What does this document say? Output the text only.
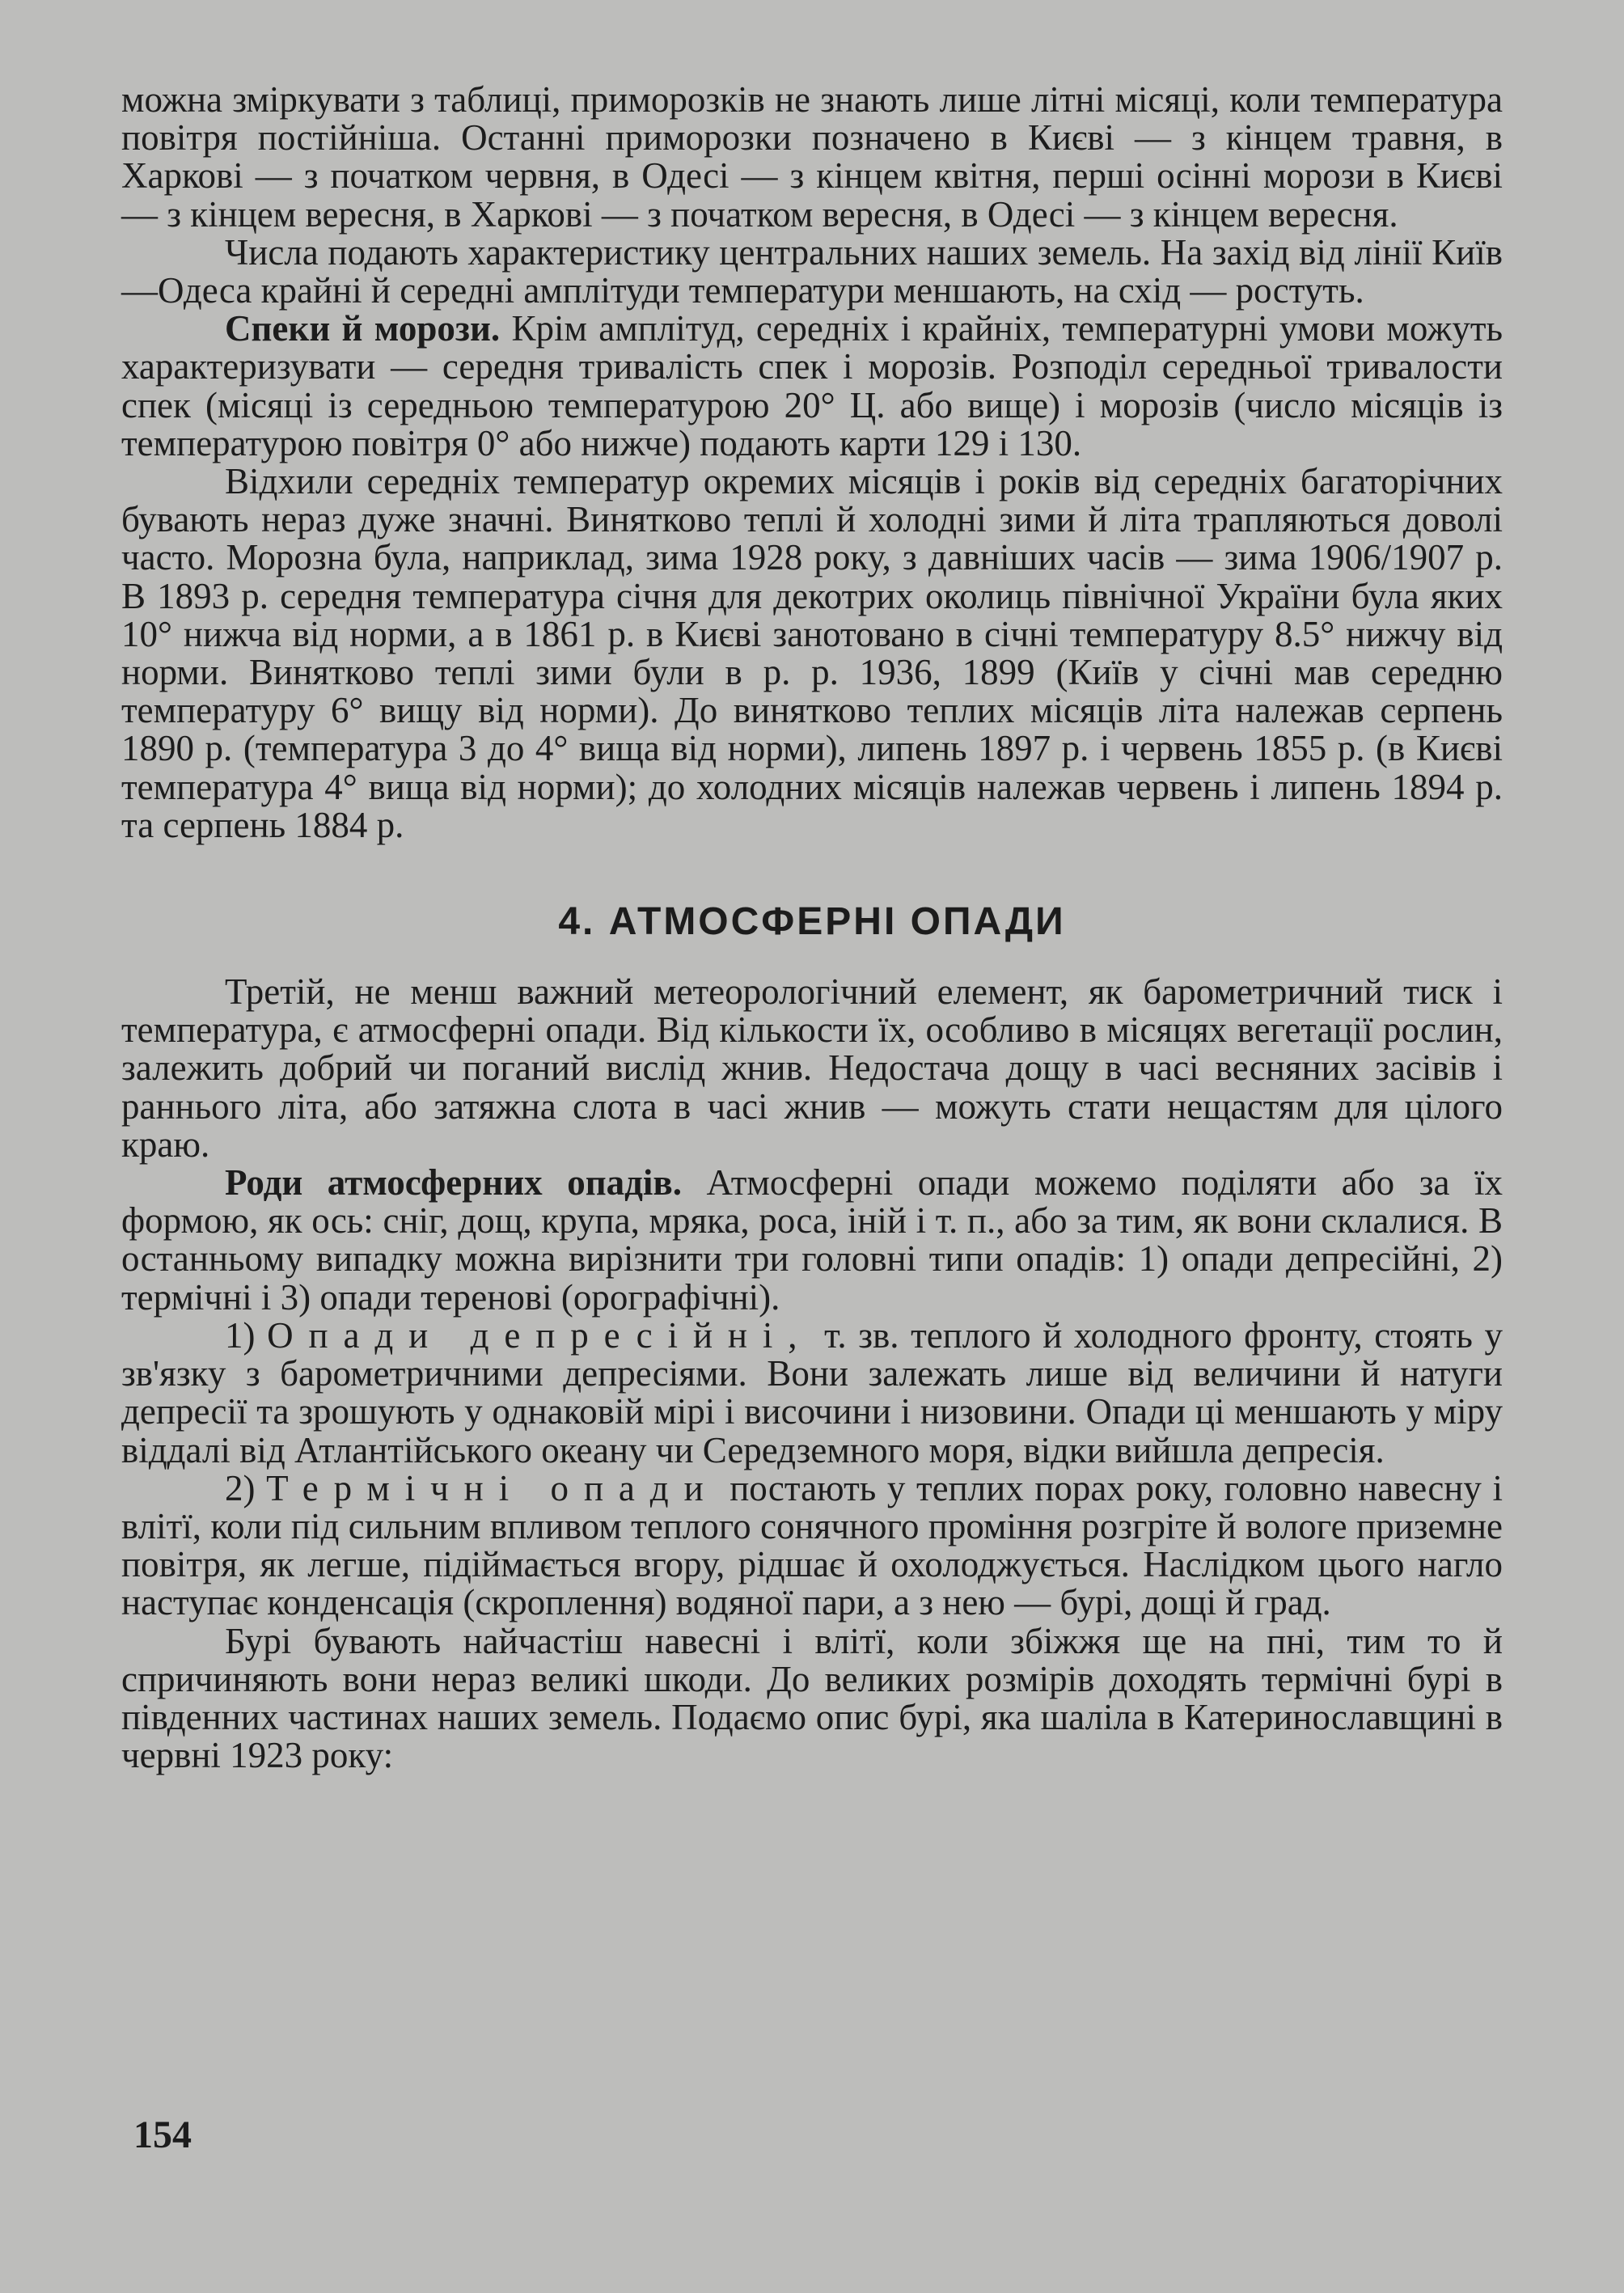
можна зміркувати з таблиці, приморозків не знають лише літні місяці, коли температура повітря постійніша. Останні приморозки позначено в Києві — з кінцем травня, в Харкові — з початком червня, в Одесі — з кінцем квітня, перші осінні морози в Києві — з кінцем вересня, в Харкові — з початком вересня, в Одесі — з кінцем вересня.

Числа подають характеристику центральних наших земель. На захід від лінії Київ—Одеса крайні й середні амплітуди температури меншають, на схід — ростуть.

Спеки й морози. Крім амплітуд, середніх і крайніх, температурні умови можуть характеризувати — середня тривалість спек і морозів. Розподіл середньої тривалости спек (місяці із середньою температурою 20° Ц. або вище) і морозів (число місяців із температурою повітря 0° або нижче) подають карти 129 і 130.

Відхили середніх температур окремих місяців і років від середніх багаторічних бувають нераз дуже значні. Винятково теплі й холодні зими й літа трапляються доволі часто. Морозна була, наприклад, зима 1928 року, з давніших часів — зима 1906/1907 р. В 1893 р. середня температура січня для декотрих околиць північної України була яких 10° нижча від норми, а в 1861 р. в Києві занотовано в січні температуру 8.5° нижчу від норми. Винятково теплі зими були в р. р. 1936, 1899 (Київ у січні мав середню температуру 6° вищу від норми). До винятково теплих місяців літа належав серпень 1890 р. (температура 3 до 4° вища від норми), липень 1897 р. і червень 1855 р. (в Києві температура 4° вища від норми); до холодних місяців належав червень і липень 1894 р. та серпень 1884 р.

4. АТМОСФЕРНІ ОПАДИ

Третій, не менш важний метеорологічний елемент, як барометричний тиск і температура, є атмосферні опади. Від кількости їх, особливо в місяцях вегетації рослин, залежить добрий чи поганий вислід жнив. Недостача дощу в часі весняних засівів і раннього літа, або затяжна слота в часі жнив — можуть стати нещастям для цілого краю.

Роди атмосферних опадів. Атмосферні опади можемо поділяти або за їх формою, як ось: сніг, дощ, крупа, мряка, роса, іній і т. п., або за тим, як вони склалися. В останньому випадку можна вирізнити три головні типи опадів: 1) опади депресійні, 2) термічні і 3) опади теренові (орографічні).

1) Опади депресійні, т. зв. теплого й холодного фронту, стоять у зв'язку з барометричними депресіями. Вони залежать лише від величини й натуги депресії та зрошують у однаковій мірі і височини і низовини. Опади ці меншають у міру віддалі від Атлантійського океану чи Середземного моря, відки вийшла депресія.

2) Термічні опади постають у теплих порах року, головно навесну і влітї, коли під сильним впливом теплого сонячного проміння розгріте й вологе приземне повітря, як легше, підіймається вгору, рідшає й охолоджується. Наслідком цього нагло наступає конденсація (скроплення) водяної пари, а з нею — бурі, дощі й град.

Бурі бувають найчастіш навесні і влітї, коли збіжжя ще на пні, тим то й спричиняють вони нераз великі шкоди. До великих розмірів доходять термічні бурі в південних частинах наших земель. Подаємо опис бурі, яка шаліла в Катеринославщині в червні 1923 року:

154
